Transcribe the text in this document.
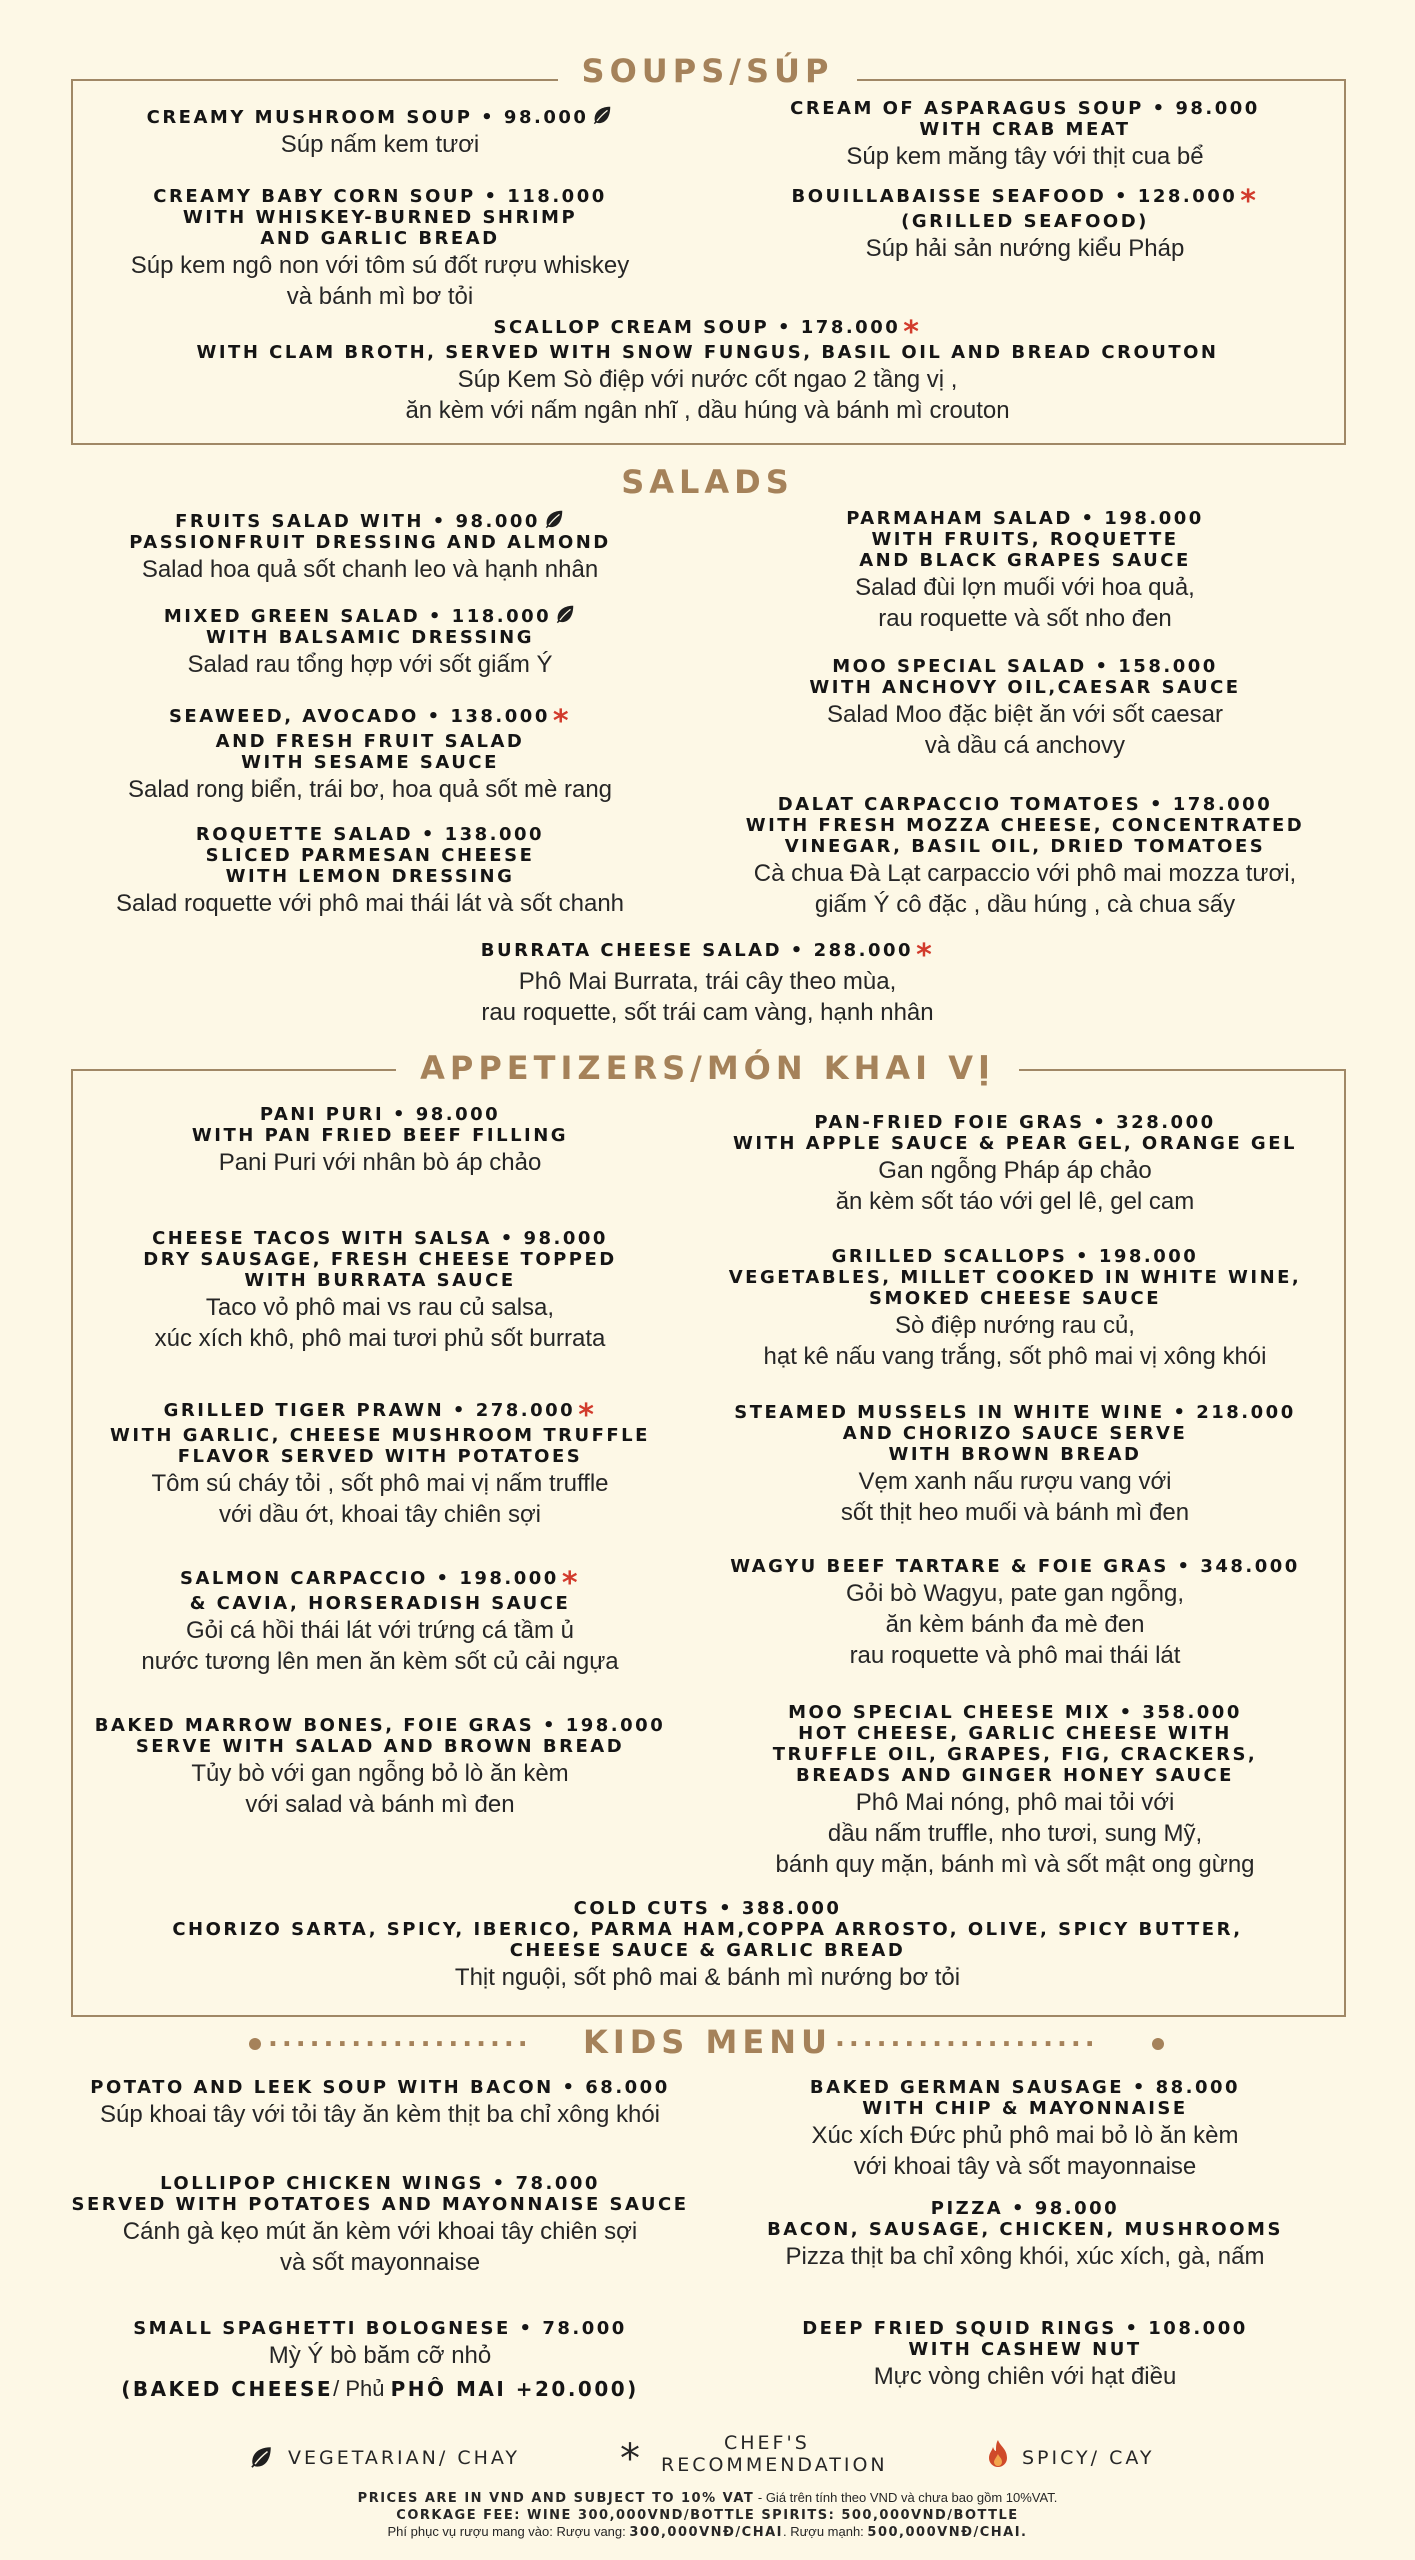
SOUPS/SÚP
CREAMY MUSHROOM SOUP • 98.000
Súp nấm kem tươi
CREAM OF ASPARAGUS SOUP • 98.000
WITH CRAB MEAT
Súp kem măng tây với thịt cua bể
CREAMY BABY CORN SOUP • 118.000
WITH WHISKEY-BURNED SHRIMP
AND GARLIC BREAD
Súp kem ngô non với tôm sú đốt rượu whiskey
và bánh mì bơ tỏi
BOUILLABAISSE SEAFOOD • 128.000 *
(GRILLED SEAFOOD)
Súp hải sản nướng kiểu Pháp
SCALLOP CREAM SOUP • 178.000 *
WITH CLAM BROTH, SERVED WITH SNOW FUNGUS, BASIL OIL AND BREAD CROUTON
Súp Kem Sò điệp với nước cốt ngao 2 tầng vị ,
ăn kèm với nấm ngân nhĩ , dầu húng và bánh mì crouton
SALADS
FRUITS SALAD WITH • 98.000
PASSIONFRUIT DRESSING AND ALMOND
Salad hoa quả sốt chanh leo và hạnh nhân
PARMAHAM SALAD • 198.000
WITH FRUITS, ROQUETTE
AND BLACK GRAPES SAUCE
Salad đùi lợn muối với hoa quả,
rau roquette và sốt nho đen
MIXED GREEN SALAD • 118.000
WITH BALSAMIC DRESSING
Salad rau tổng hợp với sốt giấm Ý	MOO SPECIAL SALAD • 158.000
WITH ANCHOVY OIL,CAESAR SAUCE
Salad Moo đặc biệt ăn với sốt caesar
và dầu cá anchovy
SEAWEED, AVOCADO • 138.000 *
AND FRESH FRUIT SALAD
WITH SESAME SAUCE
Salad rong biển, trái bơ, hoa quả sốt mè rang
DALAT CARPACCIO TOMATOES • 178.000
WITH FRESH MOZZA CHEESE, CONCENTRATED
VINEGAR, BASIL OIL, DRIED TOMATOES
Cà chua Đà Lạt carpaccio với phô mai mozza tươi,
giấm Ý cô đặc , dầu húng , cà chua sấy
ROQUETTE SALAD • 138.000
SLICED PARMESAN CHEESE
WITH LEMON DRESSING
Salad roquette với phô mai thái lát và sốt chanh
BURRATA CHEESE SALAD • 288.000 *
Phô Mai Burrata, trái cây theo mùa,
rau roquette, sốt trái cam vàng, hạnh nhân
APPETIZERS/MÓN KHAI VỊ
PANI PURI • 98.000
WITH PAN FRIED BEEF FILLING
Pani Puri với nhân bò áp chảo
PAN-FRIED FOIE GRAS • 328.000
WITH APPLE SAUCE & PEAR GEL, ORANGE GEL
Gan ngỗng Pháp áp chảo
ăn kèm sốt táo với gel lê, gel cam
CHEESE TACOS WITH SALSA • 98.000
DRY SAUSAGE, FRESH CHEESE TOPPED
WITH BURRATA SAUCE
Taco vỏ phô mai vs rau củ salsa,
xúc xích khô, phô mai tươi phủ sốt burrata
GRILLED SCALLOPS • 198.000
VEGETABLES, MILLET COOKED IN WHITE WINE,
SMOKED CHEESE SAUCE
Sò điệp nướng rau củ,
hạt kê nấu vang trắng, sốt phô mai vị xông khói
GRILLED TIGER PRAWN • 278.000 *
WITH GARLIC, CHEESE MUSHROOM TRUFFLE
FLAVOR SERVED WITH POTATOES
Tôm sú cháy tỏi , sốt phô mai vị nấm truffle
với dầu ớt, khoai tây chiên sợi
STEAMED MUSSELS IN WHITE WINE • 218.000
AND CHORIZO SAUCE SERVE
WITH BROWN BREAD
Vẹm xanh nấu rượu vang với
sốt thịt heo muối và bánh mì đen
SALMON CARPACCIO • 198.000 *
& CAVIA, HORSERADISH SAUCE
Gỏi cá hồi thái lát với trứng cá tầm ủ
nước tương lên men ăn kèm sốt củ cải ngựa
WAGYU BEEF TARTARE & FOIE GRAS • 348.000
Gỏi bò Wagyu, pate gan ngỗng,
ăn kèm bánh đa mè đen
rau roquette và phô mai thái lát
BAKED MARROW BONES, FOIE GRAS • 198.000
SERVE WITH SALAD AND BROWN BREAD
Tủy bò với gan ngỗng bỏ lò ăn kèm
với salad và bánh mì đen
MOO SPECIAL CHEESE MIX • 358.000
HOT CHEESE, GARLIC CHEESE WITH
TRUFFLE OIL, GRAPES, FIG, CRACKERS,
BREADS AND GINGER HONEY SAUCE
Phô Mai nóng, phô mai tỏi với
dầu nấm truffle, nho tươi, sung Mỹ,
bánh quy mặn, bánh mì và sốt mật ong gừng
COLD CUTS • 388.000
CHORIZO SARTA, SPICY, IBERICO, PARMA HAM,COPPA ARROSTO, OLIVE, SPICY BUTTER,
CHEESE SAUCE & GARLIC BREAD
Thịt nguội, sốt phô mai & bánh mì nướng bơ tỏi
KIDS MENU
...................	...................
POTATO AND LEEK SOUP WITH BACON • 68.000
Súp khoai tây với tỏi tây ăn kèm thịt ba chỉ xông khói
BAKED GERMAN SAUSAGE • 88.000
WITH CHIP & MAYONNAISE
Xúc xích Đức phủ phô mai bỏ lò ăn kèm
với khoai tây và sốt mayonnaise
LOLLIPOP CHICKEN WINGS • 78.000
SERVED WITH POTATOES AND MAYONNAISE SAUCE
Cánh gà kẹo mút ăn kèm với khoai tây chiên sợi
và sốt mayonnaise
PIZZA • 98.000
BACON, SAUSAGE, CHICKEN, MUSHROOMS
Pizza thịt ba chỉ xông khói, xúc xích, gà, nấm
SMALL SPAGHETTI BOLOGNESE • 78.000
Mỳ Ý bò băm cỡ nhỏ
DEEP FRIED SQUID RINGS • 108.000
WITH CASHEW NUT
Mực vòng chiên với hạt điều
(BAKED CHEESE/ Phủ PHÔ MAI +20.000)
VEGETARIAN/ CHAY	*	CHEF'S
RECOMMENDATION	SPICY/ CAY
PRICES ARE IN VND AND SUBJECT TO 10% VAT - Giá trên tính theo VND và chưa bao gồm 10%VAT.
CORKAGE FEE: WINE 300,000VND/BOTTLE SPIRITS: 500,000VND/BOTTLE
Phí phục vụ rượu mang vào: Rượu vang: 300,000VNĐ/CHAI. Rượu mạnh: 500,000VNĐ/CHAI.
